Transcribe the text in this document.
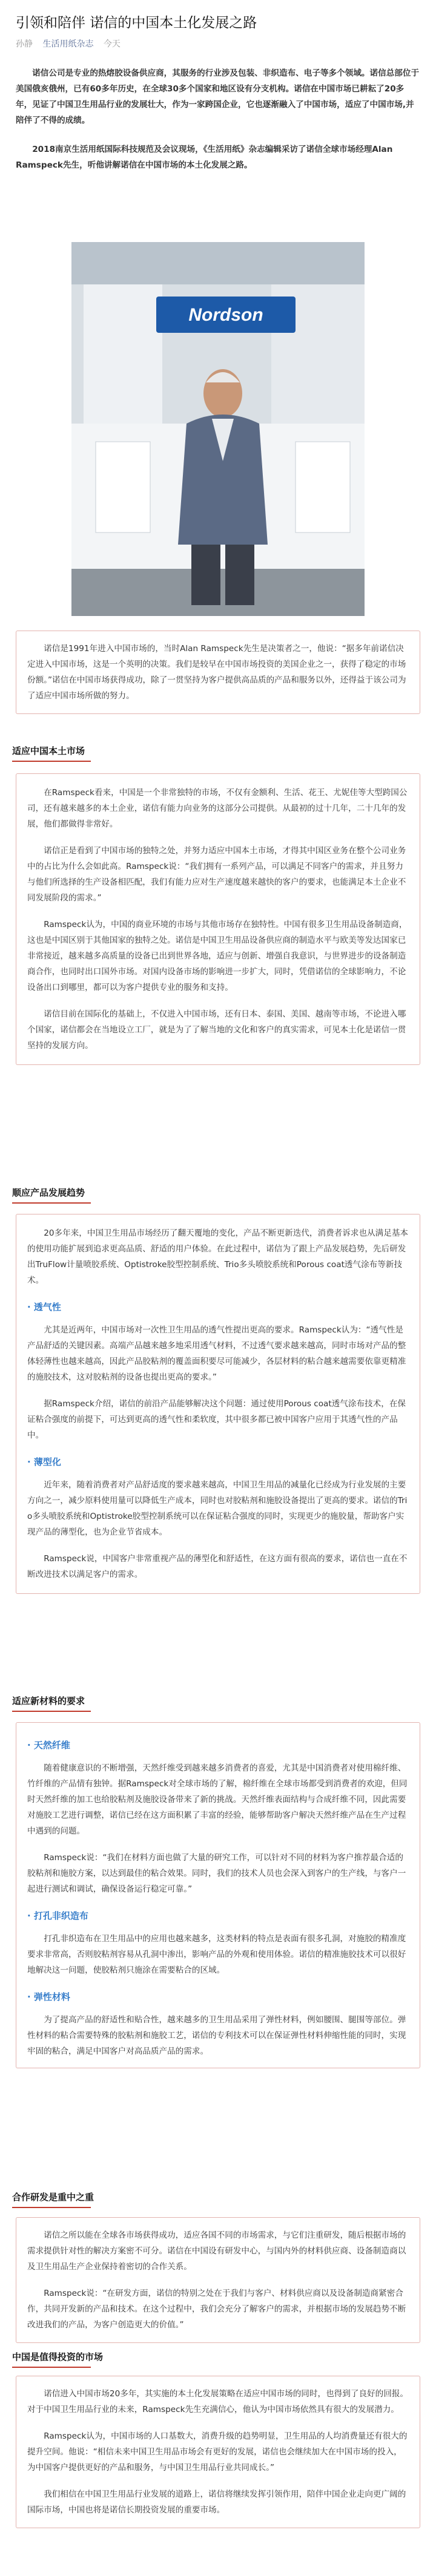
引领和陪伴 诺信的中国本土化发展之路
孙静 生活用纸杂志 今天

诺信公司是专业的热熔胶设备供应商，其服务的行业涉及包装、非织造布、电子等多个领域。诺信总部位于美国俄亥俄州，已有60多年历史，在全球30多个国家和地区设有分支机构。诺信在中国市场已耕耘了20多年，见证了中国卫生用品行业的发展壮大，作为一家跨国企业，它也逐渐融入了中国市场，适应了中国市场,并陪伴了不得的成绩。

2018南京生活用纸国际科技规范及会议现场，《生活用纸》杂志编辑采访了诺信全球市场经理Alan Ramspeck先生，听他讲解诺信在中国市场的本土化发展之路。

Nordson

诺信是1991年进入中国市场的，当时Alan Ramspeck先生是决策者之一，他说：“据多年前诺信决定进入中国市场，这是一个英明的决策。我们是较早在中国市场投资的美国企业之一，获得了稳定的市场份额。”诺信在中国市场获得成功，除了一贯坚持为客户提供高品质的产品和服务以外，还得益于该公司为了适应中国市场所做的努力。

适应中国本土市场

在Ramspeck看来，中国是一个非常独特的市场，不仅有金额利、生活、花王、尤妮佳等大型跨国公司，还有越来越多的本土企业，诺信有能力向业务的这部分公司提供。从最初的过十几年，二十几年的发展，他们都做得非常好。

诺信正是看到了中国市场的独特之处，并努力适应中国本土市场，才得其中国区业务在整个公司业务中的占比为什么会如此高。Ramspeck说：“我们拥有一系列产品，可以满足不同客户的需求，并且努力与他们所选择的生产设备相匹配，我们有能力应对生产速度越来越快的客户的要求，也能满足本土企业不同发展阶段的需求。”

Ramspeck认为，中国的商业环境的市场与其他市场存在独特性。中国有很多卫生用品设备制造商，这也是中国区别于其他国家的独特之处。诺信是中国卫生用品设备供应商的制造水平与欧美等发达国家已非常接近，越来越多高质量的设备已出到世界各地，适应与创新、增强自我意识，与世界进步的设备制造商合作，也同时出口国外市场。对国内设备市场的影响进一步扩大，同时，凭借诺信的全球影响力，不论设备出口到哪里，都可以为客户提供专业的服务和支持。

诺信目前在国际化的基础上，不仅进入中国市场，还有日本、泰国、美国、越南等市场，不论进入哪个国家，诺信都会在当地设立工厂，就是为了了解当地的文化和客户的真实需求，可见本土化是诺信一贯坚持的发展方向。

顺应产品发展趋势

20多年来，中国卫生用品市场经历了翻天覆地的变化，产品不断更新迭代，消费者诉求也从满足基本的使用功能扩展到追求更高品质、舒适的用户体验。在此过程中，诺信为了跟上产品发展趋势，先后研发出TruFlow计量喷胶系统、Optistroke胶型控制系统、Trio多头喷胶系统和Porous coat透气涂布等新技术。

· 透气性

尤其是近两年，中国市场对一次性卫生用品的透气性提出更高的要求。Ramspeck认为：“透气性是产品舒适的关键因素。高端产品越来越多地采用透气材料，不过透气要求越来越高，同时市场对产品的整体轻薄性也越来越高，因此产品胶粘剂的覆盖面积要尽可能减少，各层材料的粘合越来越需要依靠更精准的施胶技术，这对胶粘剂的设备也提出更高的要求。”

据Ramspeck介绍，诺信的前沿产品能够解决这个问题：通过使用Porous coat透气涂布技术，在保证粘合强度的前提下，可达到更高的透气性和柔软度，其中很多都已被中国客户应用于其透气性的产品中。

· 薄型化

近年来，随着消费者对产品舒适度的要求越来越高，中国卫生用品的减量化已经成为行业发展的主要方向之一，减少原料使用量可以降低生产成本，同时也对胶粘剂和施胶设备提出了更高的要求。诺信的Trio多头喷胶系统和Optistroke胶型控制系统可以在保证粘合强度的同时，实现更少的施胶量，帮助客户实现产品的薄型化，也为企业节省成本。

Ramspeck说，中国客户非常重视产品的薄型化和舒适性，在这方面有很高的要求，诺信也一直在不断改进技术以满足客户的需求。

适应新材料的要求

· 天然纤维

随着健康意识的不断增强，天然纤维受到越来越多消费者的喜爱，尤其是中国消费者对使用棉纤维、竹纤维的产品情有独钟。据Ramspeck对全球市场的了解，棉纤维在全球市场都受到消费者的欢迎，但同时天然纤维的加工也给胶粘剂及施胶设备带来了新的挑战。天然纤维表面结构与合成纤维不同，因此需要对施胶工艺进行调整，诺信已经在这方面积累了丰富的经验，能够帮助客户解决天然纤维产品在生产过程中遇到的问题。

Ramspeck说：“我们在材料方面也做了大量的研究工作，可以针对不同的材料为客户推荐最合适的胶粘剂和施胶方案，以达到最佳的粘合效果。同时，我们的技术人员也会深入到客户的生产线，与客户一起进行测试和调试，确保设备运行稳定可靠。”

· 打孔非织造布

打孔非织造布在卫生用品中的应用也越来越多，这类材料的特点是表面有很多孔洞，对施胶的精准度要求非常高，否则胶粘剂容易从孔洞中渗出，影响产品的外观和使用体验。诺信的精准施胶技术可以很好地解决这一问题，使胶粘剂只施涂在需要粘合的区域。

· 弹性材料

为了提高产品的舒适性和贴合性，越来越多的卫生用品采用了弹性材料，例如腰围、腿围等部位。弹性材料的粘合需要特殊的胶粘剂和施胶工艺，诺信的专利技术可以在保证弹性材料伸缩性能的同时，实现牢固的粘合，满足中国客户对高品质产品的需求。

合作研发是重中之重

诺信之所以能在全球各市场获得成功，适应各国不同的市场需求，与它们注重研发，随后根据市场的需求提供针对性的解决方案密不可分。诺信在中国设有研发中心，与国内外的材料供应商、设备制造商以及卫生用品生产企业保持着密切的合作关系。

Ramspeck说：“在研发方面，诺信的特别之处在于我们与客户、材料供应商以及设备制造商紧密合作，共同开发新的产品和技术。在这个过程中，我们会充分了解客户的需求，并根据市场的发展趋势不断改进我们的产品，为客户创造更大的价值。”

中国是值得投资的市场

诺信进入中国市场20多年，其实施的本土化发展策略在适应中国市场的同时，也得到了良好的回报。对于中国卫生用品行业的未来，Ramspeck先生充满信心，他认为中国市场依然具有很大的发展潜力。

Ramspeck认为，中国市场的人口基数大，消费升级的趋势明显，卫生用品的人均消费量还有很大的提升空间。他说：“相信未来中国卫生用品市场会有更好的发展，诺信也会继续加大在中国市场的投入，为中国客户提供更好的产品和服务，与中国卫生用品行业共同成长。”

我们相信在中国卫生用品行业发展的道路上，诺信将继续发挥引领作用，陪伴中国企业走向更广阔的国际市场，中国也将是诺信长期投资发展的重要市场。
